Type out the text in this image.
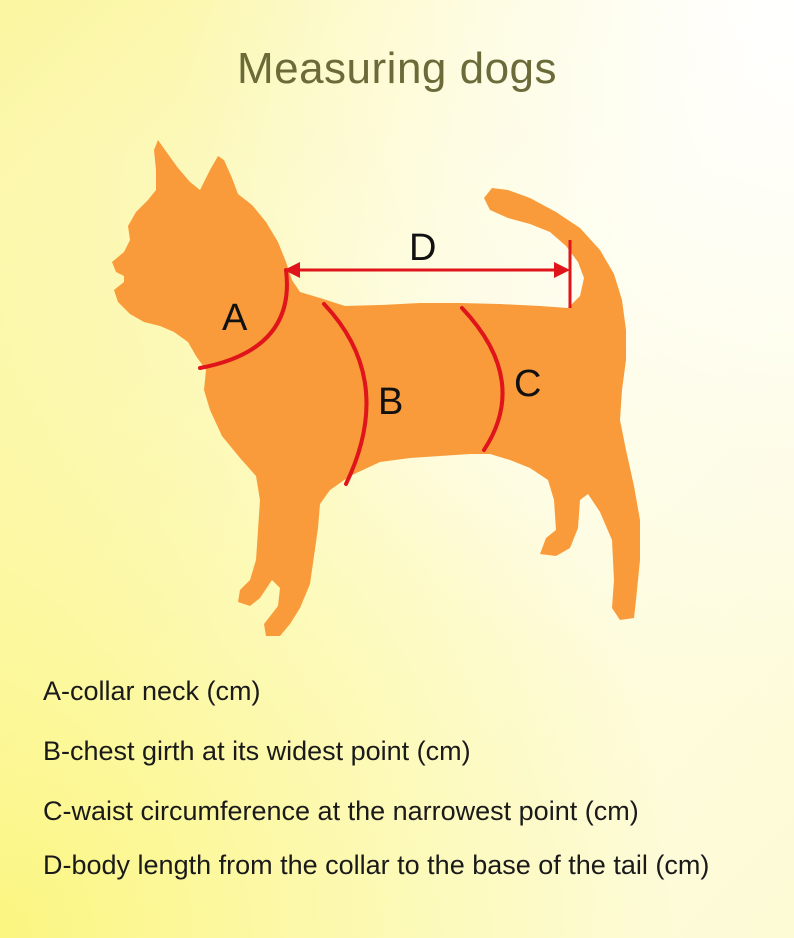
Measuring dogs
A
B	C
D
A-collar neck (cm)
B-chest girth at its widest point (cm)
C-waist circumference at the narrowest point (cm)
D-body length from the collar to the base of the tail (cm)
